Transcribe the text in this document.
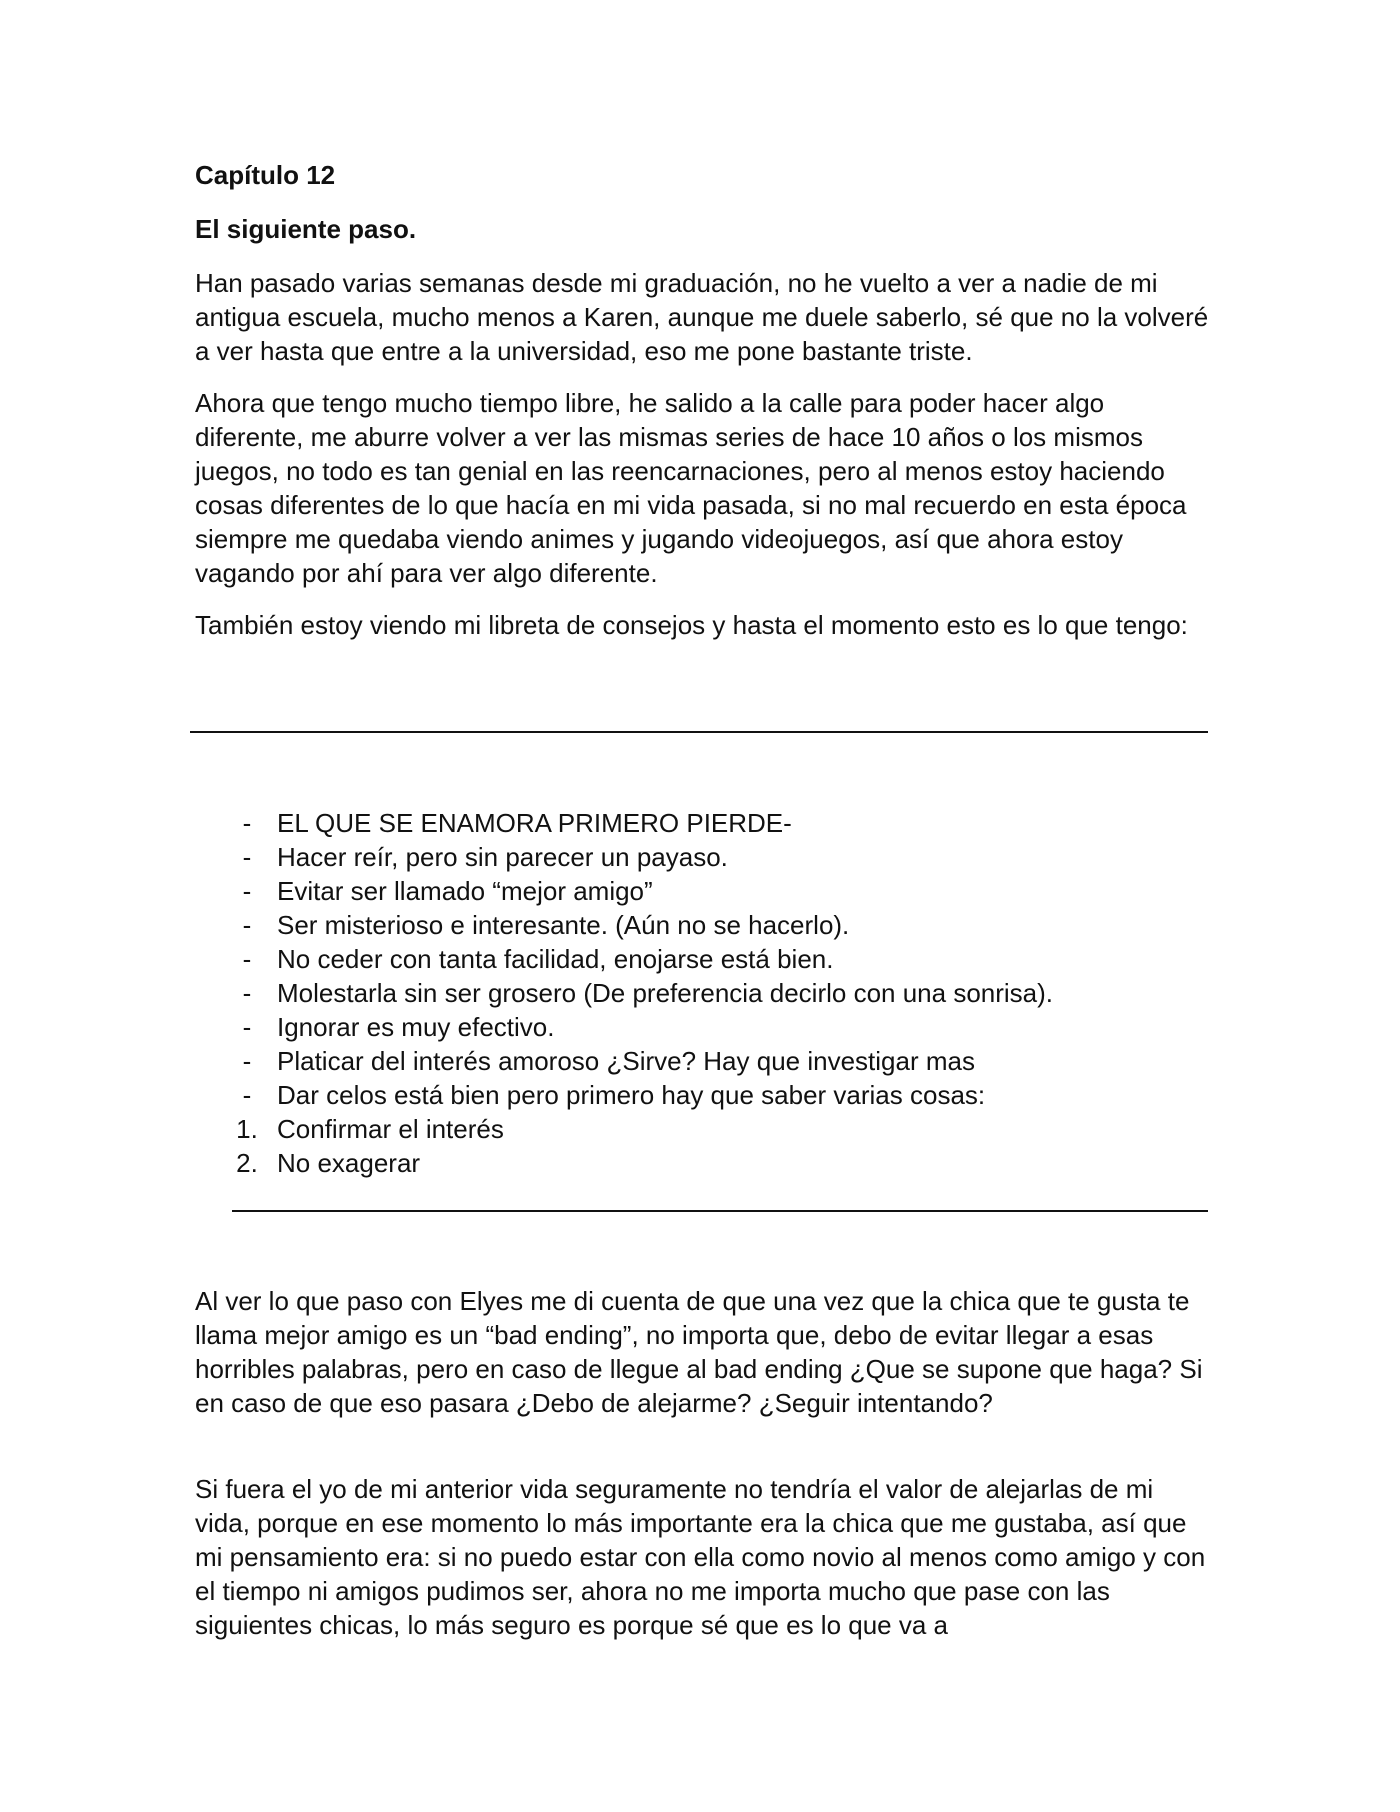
Capítulo 12

El siguiente paso.

Han pasado varias semanas desde mi graduación, no he vuelto a ver a nadie de mi antigua escuela, mucho menos a Karen, aunque me duele saberlo, sé que no la volveré a ver hasta que entre a la universidad, eso me pone bastante triste.

Ahora que tengo mucho tiempo libre, he salido a la calle para poder hacer algo diferente, me aburre volver a ver las mismas series de hace 10 años o los mismos juegos, no todo es tan genial en las reencarnaciones, pero al menos estoy haciendo cosas diferentes de lo que hacía en mi vida pasada, si no mal recuerdo en esta época siempre me quedaba viendo animes y jugando videojuegos, así que ahora estoy vagando por ahí para ver algo diferente.

También estoy viendo mi libreta de consejos y hasta el momento esto es lo que tengo:

- EL QUE SE ENAMORA PRIMERO PIERDE-
- Hacer reír, pero sin parecer un payaso.
- Evitar ser llamado “mejor amigo”
- Ser misterioso e interesante. (Aún no se hacerlo).
- No ceder con tanta facilidad, enojarse está bien.
- Molestarla sin ser grosero (De preferencia decirlo con una sonrisa).
- Ignorar es muy efectivo.
- Platicar del interés amoroso ¿Sirve? Hay que investigar mas
- Dar celos está bien pero primero hay que saber varias cosas:
1. Confirmar el interés
2. No exagerar

Al ver lo que paso con Elyes me di cuenta de que una vez que la chica que te gusta te llama mejor amigo es un “bad ending”, no importa que, debo de evitar llegar a esas horribles palabras, pero en caso de llegue al bad ending ¿Que se supone que haga? Si en caso de que eso pasara ¿Debo de alejarme? ¿Seguir intentando?

Si fuera el yo de mi anterior vida seguramente no tendría el valor de alejarlas de mi vida, porque en ese momento lo más importante era la chica que me gustaba, así que mi pensamiento era: si no puedo estar con ella como novio al menos como amigo y con el tiempo ni amigos pudimos ser, ahora no me importa mucho que pase con las siguientes chicas, lo más seguro es porque sé que es lo que va a
